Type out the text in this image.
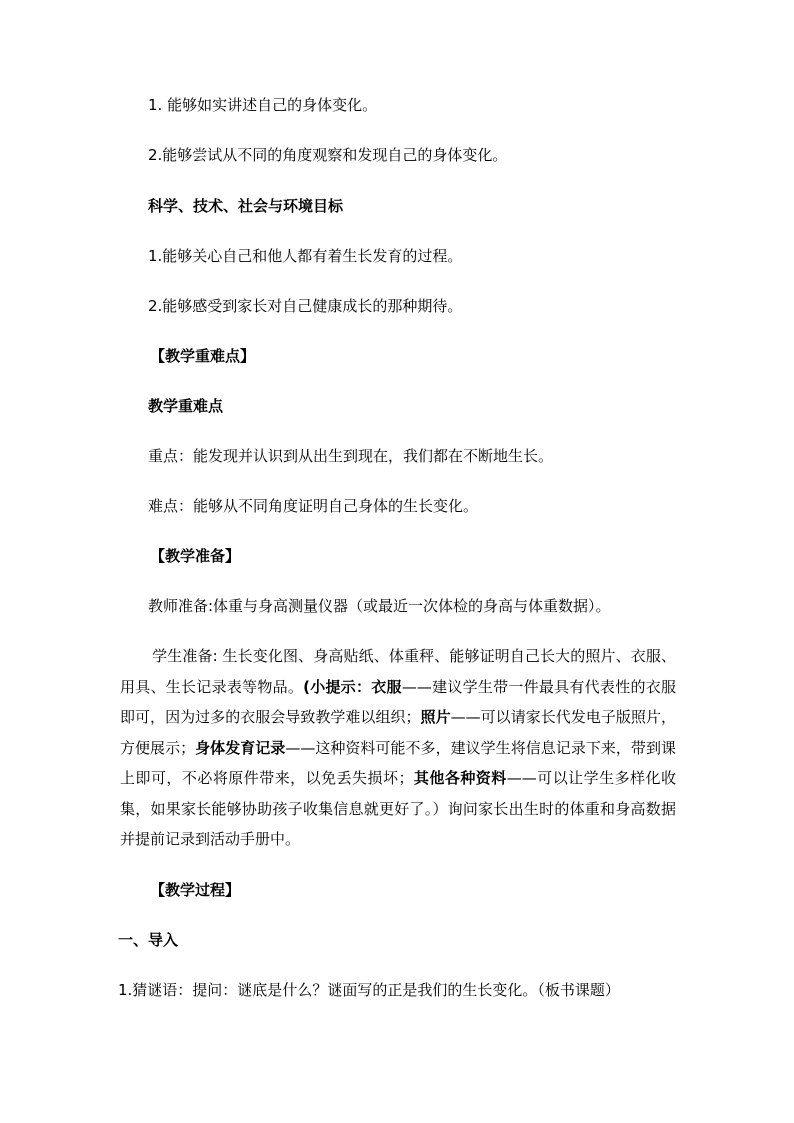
1. 能够如实讲述自己的身体变化。
2.能够尝试从不同的角度观察和发现自己的身体变化。
科学、技术、社会与环境目标
1.能够关心自己和他人都有着生长发育的过程。
2.能够感受到家长对自己健康成长的那种期待。
【教学重难点】
教学重难点
重点：能发现并认识到从出生到现在，我们都在不断地生长。
难点：能够从不同角度证明自己身体的生长变化。
【教学准备】
教师准备:体重与身高测量仪器（或最近一次体检的身高与体重数据）。
学生准备: 生长变化图、身高贴纸、体重秤、能够证明自己长大的照片、衣服、用具、生长记录表等物品。(小提示：衣服——建议学生带一件最具有代表性的衣服即可，因为过多的衣服会导致教学难以组织；照片——可以请家长代发电子版照片，方便展示；身体发育记录——这种资料可能不多，建议学生将信息记录下来，带到课上即可，不必将原件带来，以免丢失损坏；其他各种资料——可以让学生多样化收集，如果家长能够协助孩子收集信息就更好了。）询问家长出生时的体重和身高数据并提前记录到活动手册中。
【教学过程】
一、导入
1.猜谜语：提问：谜底是什么？谜面写的正是我们的生长变化。（板书课题）
